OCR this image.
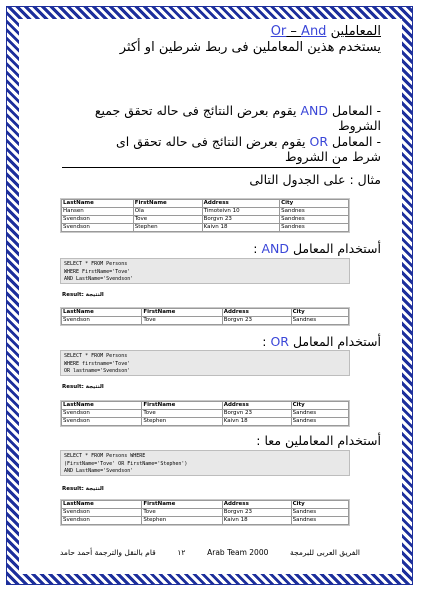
المعاملين Or – And
يستخدم هذين المعاملين فى ربط شرطين او أكثر
- المعامل AND يقوم بعرض النتائج فى حاله تحقق جميع الشروط
- المعامل OR يقوم بعرض النتائج فى حاله تحقق اى شرط من الشروط
مثال : على الجدول التالى
LastName	FirstName	Address	City
Hansen	Ola	Timoteivn 10	Sandnes
Svendson	Tove	Borgvn 23	Sandnes
Svendson	Stephen	Kaivn 18	Sandnes
أستخدام المعامل AND :
SELECT * FROM Persons
WHERE FirstName='Tove'
AND LastName='Svendson'
Result: النتيجة
LastName	FirstName	Address	City
Svendson	Tove	Borgvn 23	Sandnes
أستخدام المعامل OR :
SELECT * FROM Persons
WHERE firstname='Tove'
OR lastname='Svendson'
Result: النتيجة
LastName	FirstName	Address	City
Svendson	Tove	Borgvn 23	Sandnes
Svendson	Stephen	Kaivn 18	Sandnes
أستخدام المعاملين معا :
SELECT * FROM Persons WHERE
(FirstName='Tove' OR FirstName='Stephen')
AND LastName='Svendson'
Result: النتيجة
LastName	FirstName	Address	City
Svendson	Tove	Borgvn 23	Sandnes
Svendson	Stephen	Kaivn 18	Sandnes
قام بالنقل والترجمة أحمد حامد	١٢	Arab Team 2000	الفريق العربى للبرمجة
